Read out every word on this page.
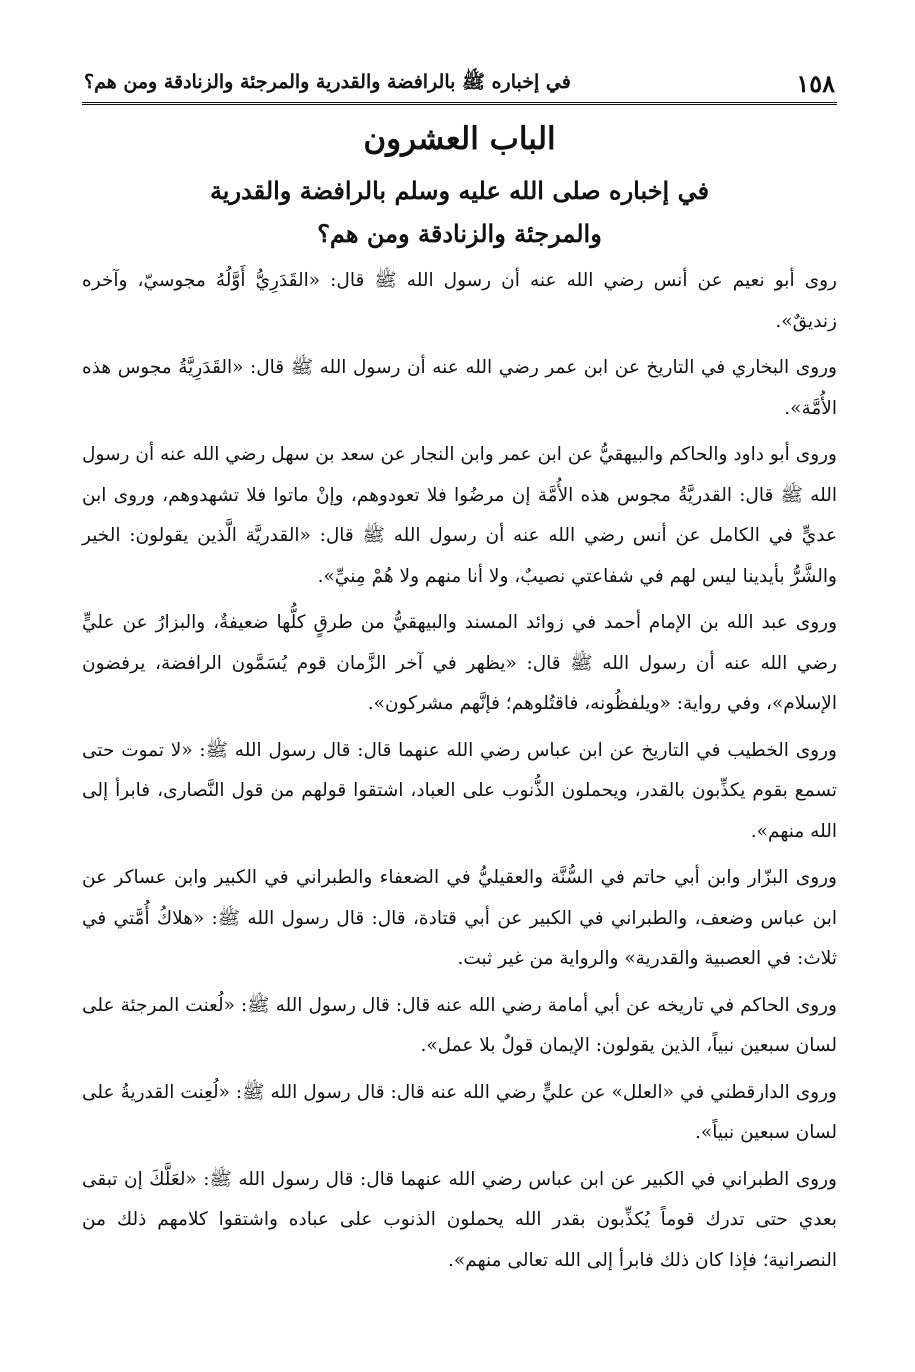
١٥٨
في إخباره ﷺ بالرافضة والقدرية والمرجئة والزنادقة ومن هم؟
الباب العشرون
في إخباره صلى الله عليه وسلم بالرافضة والقدرية
والمرجئة والزنادقة ومن هم؟

روى أبو نعيم عن أنس رضي الله عنه أن رسول الله ﷺ قال: «القَدَرِيُّ أَوَّلُهُ مجوسيّ، وآخره زنديقٌ».

وروى البخاري في التاريخ عن ابن عمر رضي الله عنه أن رسول الله ﷺ قال: «القَدَرِيَّةُ مجوس هذه الأُمَّة».

وروى أبو داود والحاكم والبيهقيُّ عن ابن عمر وابن النجار عن سعد بن سهل رضي الله عنه أن رسول الله ﷺ قال: القدريَّةُ مجوس هذه الأُمَّة إن مرضُوا فلا تعودوهم، وإنْ ماتوا فلا تشهدوهم، وروى ابن عديٍّ في الكامل عن أنس رضي الله عنه أن رسول الله ﷺ قال: «القدريَّة الَّذين يقولون: الخير والشَّرُّ بأيدينا ليس لهم في شفاعتي نصيبٌ، ولا أنا منهم ولا هُمْ مِنيِّ».

وروى عبد الله بن الإمام أحمد في زوائد المسند والبيهقيُّ من طرقٍ كلُّها ضعيفةٌ، والبزارُ عن عليٍّ رضي الله عنه أن رسول الله ﷺ قال: «يظهر في آخر الزَّمان قوم يُسَمَّون الرافضة، يرفضون الإسلام»، وفي رواية: «ويلفظُونه، فاقتُلوهم؛ فإنَّهم مشركون».

وروى الخطيب في التاريخ عن ابن عباس رضي الله عنهما قال: قال رسول الله ﷺ: «لا تموت حتى تسمع بقوم يكذِّبون بالقدر، ويحملون الذُّنوب على العباد، اشتقوا قولهم من قول النَّصارى، فابرأ إلى الله منهم».

وروى البزّار وابن أبي حاتم في السُّنَّة والعقيليُّ في الضعفاء والطبراني في الكبير وابن عساكر عن ابن عباس وضعف، والطبراني في الكبير عن أبي قتادة، قال: قال رسول الله ﷺ: «هلاكُ أُمَّتي في ثلاث: في العصبية والقدرية» والرواية من غير ثبت.

وروى الحاكم في تاريخه عن أبي أمامة رضي الله عنه قال: قال رسول الله ﷺ: «لُعنت المرجئة على لسان سبعين نبياً، الذين يقولون: الإيمان قولٌ بلا عمل».

وروى الدارقطني في «العلل» عن عليٍّ رضي الله عنه قال: قال رسول الله ﷺ: «لُعِنت القدريةُ على لسان سبعين نبياً».

وروى الطبراني في الكبير عن ابن عباس رضي الله عنهما قال: قال رسول الله ﷺ: «لعَلَّكَ إن تبقى بعدي حتى تدرك قوماً يُكذِّبون بقدر الله يحملون الذنوب على عباده واشتقوا كلامهم ذلك من النصرانية؛ فإذا كان ذلك فابرأ إلى الله تعالى منهم».
